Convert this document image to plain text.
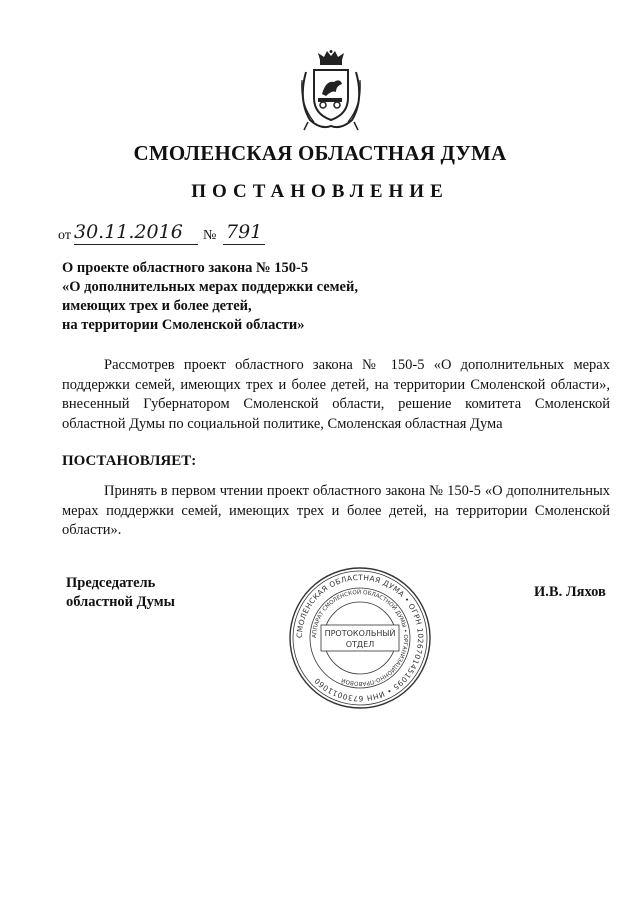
СМОЛЕНСКАЯ ОБЛАСТНАЯ ДУМА
ПОСТАНОВЛЕНИЕ
от 30.11.2016	№ 791
О проекте областного закона № 150-5
«О дополнительных мерах поддержки семей,
имеющих трех и более детей,
на территории Смоленской области»

Рассмотрев проект областного закона № 150-5 «О дополнительных мерах поддержки семей, имеющих трех и более детей, на территории Смоленской области», внесенный Губернатором Смоленской области, решение комитета Смоленской областной Думы по социальной политике, Смоленская областная Дума

ПОСТАНОВЛЯЕТ:

Принять в первом чтении проект областного закона № 150-5 «О дополнительных мерах поддержки семей, имеющих трех и более детей, на территории Смоленской области».

Председатель
областной Думы
И.В. Ляхов
СМОЛЕНСКАЯ ОБЛАСТНАЯ ДУМА • ОГРН 1026701451095 • ИНН 6730011060
АППАРАТ СМОЛЕНСКОЙ ОБЛАСТНОЙ ДУМЫ • ОРГАНИЗАЦИОННО-ПРАВОВОЙ
ПРОТОКОЛЬНЫЙ
ОТДЕЛ
